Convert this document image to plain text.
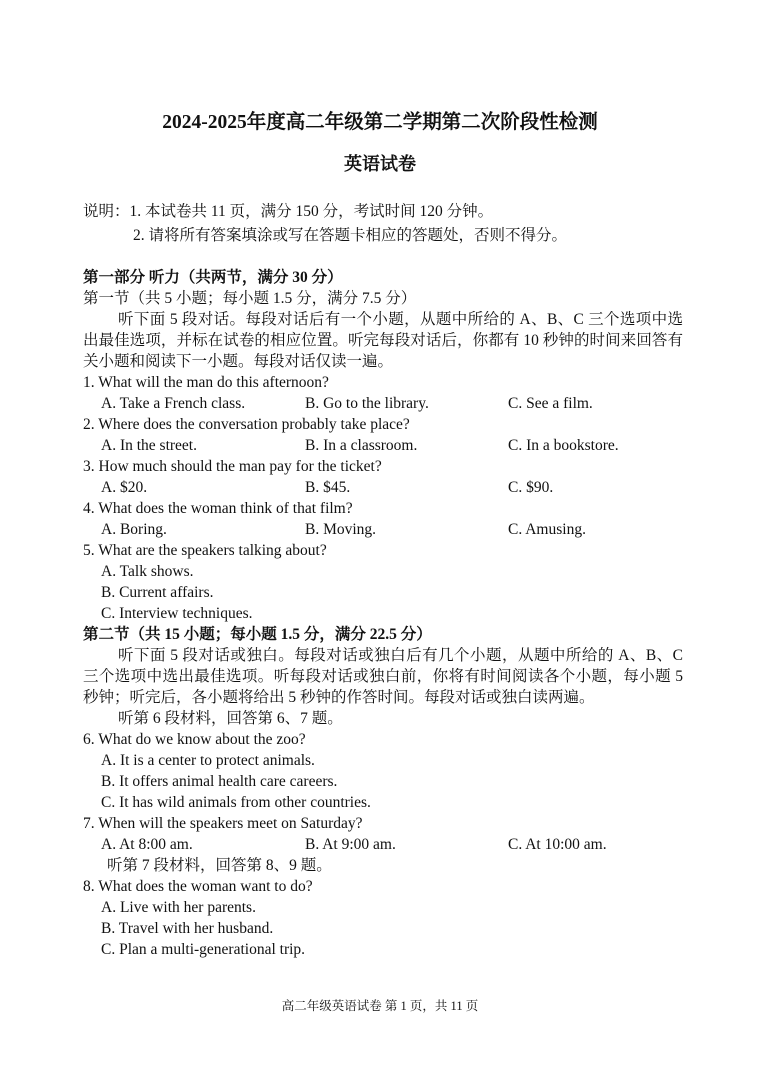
2024-2025年度高二年级第二学期第二次阶段性检测
英语试卷
说明：1. 本试卷共 11 页，满分 150 分，考试时间 120 分钟。
2. 请将所有答案填涂或写在答题卡相应的答题处，否则不得分。
第一部分 听力（共两节，满分 30 分）
第一节（共 5 小题；每小题 1.5 分，满分 7.5 分）
听下面 5 段对话。每段对话后有一个小题，从题中所给的 A、B、C 三个选项中选出最佳选项，并标在试卷的相应位置。听完每段对话后，你都有 10 秒钟的时间来回答有关小题和阅读下一小题。每段对话仅读一遍。
1. What will the man do this afternoon?
A. Take a French class.	B. Go to the library.	C. See a film.
2. Where does the conversation probably take place?
A. In the street.	B. In a classroom.	C. In a bookstore.
3. How much should the man pay for the ticket?
A. $20.	B. $45.	C. $90.
4. What does the woman think of that film?
A. Boring.	B. Moving.	C. Amusing.
5. What are the speakers talking about?
A. Talk shows.
B. Current affairs.
C. Interview techniques.
第二节（共 15 小题；每小题 1.5 分，满分 22.5 分）
听下面 5 段对话或独白。每段对话或独白后有几个小题，从题中所给的 A、B、C 三个选项中选出最佳选项。听每段对话或独白前，你将有时间阅读各个小题，每小题 5 秒钟；听完后，各小题将给出 5 秒钟的作答时间。每段对话或独白读两遍。
听第 6 段材料，回答第 6、7 题。
6. What do we know about the zoo?
A. It is a center to protect animals.
B. It offers animal health care careers.
C. It has wild animals from other countries.
7. When will the speakers meet on Saturday?
A. At 8:00 am.	B. At 9:00 am.	C. At 10:00 am.
听第 7 段材料，回答第 8、9 题。
8. What does the woman want to do?
A. Live with her parents.
B. Travel with her husband.
C. Plan a multi-generational trip.
高二年级英语试卷 第 1 页，共 11 页
